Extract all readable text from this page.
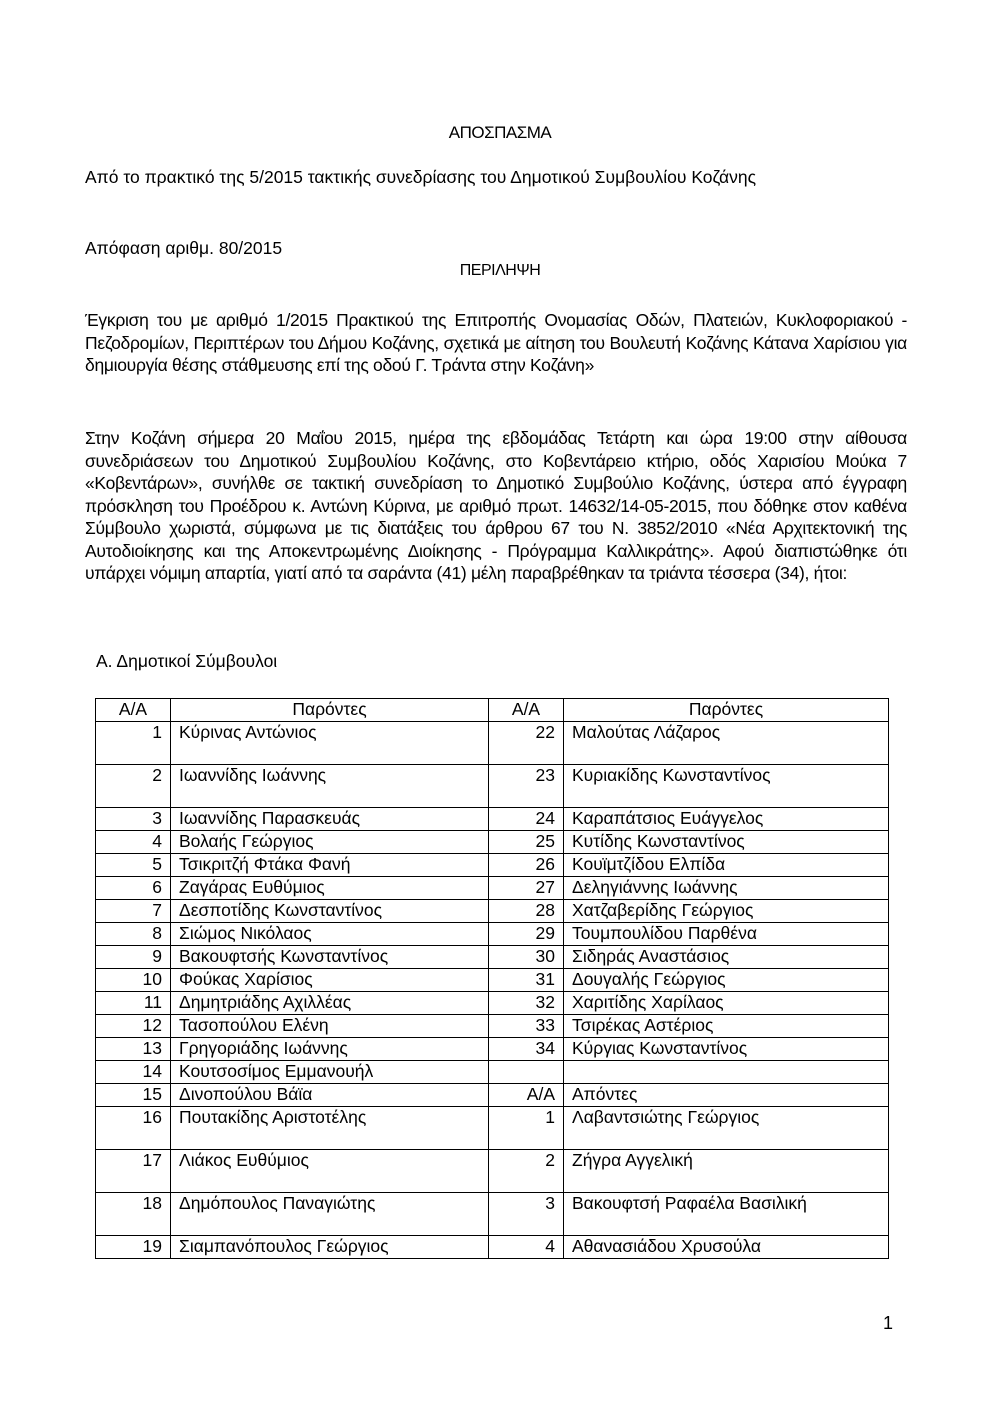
ΑΠΟΣΠΑΣΜΑ
Από το πρακτικό της 5/2015 τακτικής συνεδρίασης του Δημοτικού Συμβουλίου Κοζάνης
Απόφαση αριθμ. 80/2015
ΠΕΡΙΛΗΨΗ
Έγκριση του με αριθμό 1/2015 Πρακτικού της Επιτροπής Ονομασίας Οδών, Πλατειών, Κυκλοφοριακού - Πεζοδρομίων, Περιπτέρων του Δήμου Κοζάνης, σχετικά με αίτηση του Βουλευτή Κοζάνης Κάτανα Χαρίσιου για δημιουργία θέσης στάθμευσης επί της οδού Γ. Τράντα στην Κοζάνη»
Στην Κοζάνη σήμερα 20 Μαΐου 2015, ημέρα της εβδομάδας Τετάρτη και ώρα 19:00 στην αίθουσα συνεδριάσεων του Δημοτικού Συμβουλίου Κοζάνης, στο Κοβεντάρειο κτήριο, οδός Χαρισίου Μούκα 7 «Κοβεντάρων», συνήλθε σε τακτική συνεδρίαση το Δημοτικό Συμβούλιο Κοζάνης, ύστερα από έγγραφη πρόσκληση του Προέδρου κ. Αντώνη Κύρινα, με αριθμό πρωτ. 14632/14-05-2015, που δόθηκε στον καθένα Σύμβουλο χωριστά, σύμφωνα με τις διατάξεις του άρθρου 67 του Ν. 3852/2010 «Νέα Αρχιτεκτονική της Αυτοδιοίκησης και της Αποκεντρωμένης Διοίκησης - Πρόγραμμα Καλλικράτης». Αφού διαπιστώθηκε ότι υπάρχει νόμιμη απαρτία, γιατί από τα σαράντα (41) μέλη παραβρέθηκαν τα τριάντα τέσσερα (34), ήτοι:
Α. Δημοτικοί Σύμβουλοι
Α/Α	Παρόντες	Α/Α	Παρόντες
1	Κύρινας Αντώνιος	22	Μαλούτας Λάζαρος
2	Ιωαννίδης Ιωάννης	23	Κυριακίδης Κωνσταντίνος
3	Ιωαννίδης Παρασκευάς	24	Καραπάτσιος Ευάγγελος
4	Βολαής Γεώργιος	25	Κυτίδης Κωνσταντίνος
5	Τσικριτζή Φτάκα Φανή	26	Κουϊμτζίδου Ελπίδα
6	Ζαγάρας Ευθύμιος	27	Δεληγιάννης Ιωάννης
7	Δεσποτίδης Κωνσταντίνος	28	Χατζαβερίδης Γεώργιος
8	Σιώμος Νικόλαος	29	Τουμπουλίδου Παρθένα
9	Βακουφτσής Κωνσταντίνος	30	Σιδηράς Αναστάσιος
10	Φούκας Χαρίσιος	31	Δουγαλής Γεώργιος
11	Δημητριάδης Αχιλλέας	32	Χαριτίδης Χαρίλαος
12	Τασοπούλου Ελένη	33	Τσιρέκας Αστέριος
13	Γρηγοριάδης Ιωάννης	34	Κύργιας Κωνσταντίνος
14	Κουτσοσίμος Εμμανουήλ		
15	Δινοπούλου Βάϊα	Α/Α	Απόντες
16	Πουτακίδης Αριστοτέλης	1	Λαβαντσιώτης Γεώργιος
17	Λιάκος Ευθύμιος	2	Ζήγρα Αγγελική
18	Δημόπουλος Παναγιώτης	3	Βακουφτσή Ραφαέλα Βασιλική
19	Σιαμπανόπουλος Γεώργιος	4	Αθανασιάδου Χρυσούλα
1
